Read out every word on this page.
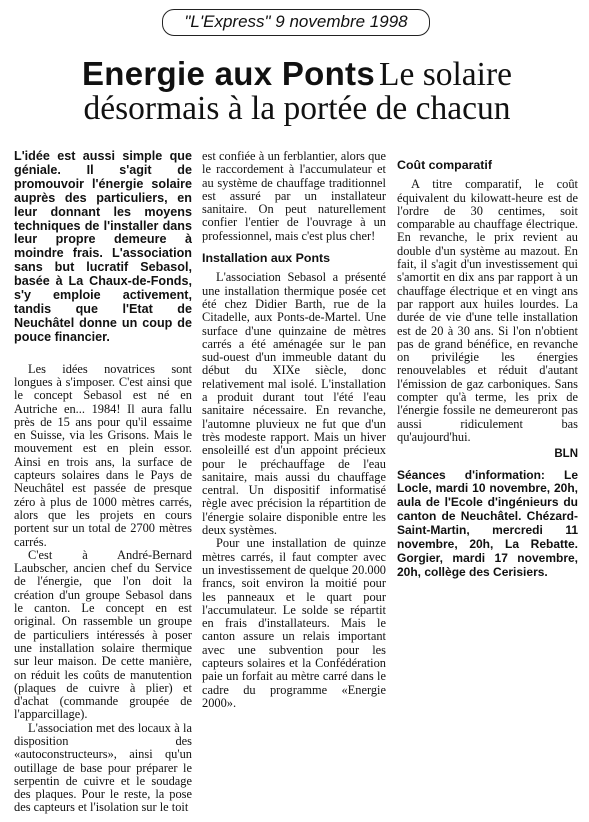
"L'Express" 9 novembre 1998
Energie aux Ponts Le solaire désormais à la portée de chacun

L'idée est aussi simple que géniale. Il s'agit de promouvoir l'énergie solaire auprès des particuliers, en leur donnant les moyens techniques de l'installer dans leur propre demeure à moindre frais. L'association sans but lucratif Sebasol, basée à La Chaux-de-Fonds, s'y emploie activement, tandis que l'Etat de Neuchâtel donne un coup de pouce financier.

Les idées novatrices sont longues à s'imposer. C'est ainsi que le concept Sebasol est né en Autriche en... 1984! Il aura fallu près de 15 ans pour qu'il essaime en Suisse, via les Grisons. Mais le mouvement est en plein essor. Ainsi en trois ans, la surface de capteurs solaires dans le Pays de Neuchâtel est passée de presque zéro à plus de 1000 mètres carrés, alors que les projets en cours portent sur un total de 2700 mètres carrés.

C'est à André-Bernard Laubscher, ancien chef du Service de l'énergie, que l'on doit la création d'un groupe Sebasol dans le canton. Le concept en est original. On rassemble un groupe de particuliers intéressés à poser une installation solaire thermique sur leur maison. De cette manière, on réduit les coûts de manutention (plaques de cuivre à plier) et d'achat (commande groupée de l'apparcillage).

L'association met des locaux à la disposition des «autoconstructeurs», ainsi qu'un outillage de base pour préparer le serpentin de cuivre et le soudage des plaques. Pour le reste, la pose des capteurs et l'isolation sur le toit

est confiée à un ferblantier, alors que le raccordement à l'accumulateur et au système de chauffage traditionnel est assuré par un installateur sanitaire. On peut naturellement confier l'entier de l'ouvrage à un professionnel, mais c'est plus cher!

Installation aux Ponts

L'association Sebasol a présenté une installation thermique posée cet été chez Didier Barth, rue de la Citadelle, aux Ponts-de-Martel. Une surface d'une quinzaine de mètres carrés a été aménagée sur le pan sud-ouest d'un immeuble datant du début du XIXe siècle, donc relativement mal isolé. L'installation a produit durant tout l'été l'eau sanitaire nécessaire. En revanche, l'automne pluvieux ne fut que d'un très modeste rapport. Mais un hiver ensoleillé est d'un appoint précieux pour le préchauffage de l'eau sanitaire, mais aussi du chauffage central. Un dispositif informatisé règle avec précision la répartition de l'énergie solaire disponible entre les deux systèmes.

Pour une installation de quinze mètres carrés, il faut compter avec un investissement de quelque 20.000 francs, soit environ la moitié pour les panneaux et le quart pour l'accumulateur. Le solde se répartit en frais d'installateurs. Mais le canton assure un relais important avec une subvention pour les capteurs solaires et la Confédération paie un forfait au mètre carré dans le cadre du programme «Energie 2000».

Coût comparatif

A titre comparatif, le coût équivalent du kilowatt-heure est de l'ordre de 30 centimes, soit comparable au chauffage électrique. En revanche, le prix revient au double d'un système au mazout. En fait, il s'agit d'un investissement qui s'amortit en dix ans par rapport à un chauffage électrique et en vingt ans par rapport aux huiles lourdes. La durée de vie d'une telle installation est de 20 à 30 ans. Si l'on n'obtient pas de grand bénéfice, en revanche on privilégie les énergies renouvelables et réduit d'autant l'émission de gaz carboniques. Sans compter qu'à terme, les prix de l'énergie fossile ne demeureront pas aussi ridiculement bas qu'aujourd'hui.

BLN

Séances d'information: Le Locle, mardi 10 novembre, 20h, aula de l'Ecole d'ingénieurs du canton de Neuchâtel. Chézard-Saint-Martin, mercredi 11 novembre, 20h, La Rebatte. Gorgier, mardi 17 novembre, 20h, collège des Cerisiers.
